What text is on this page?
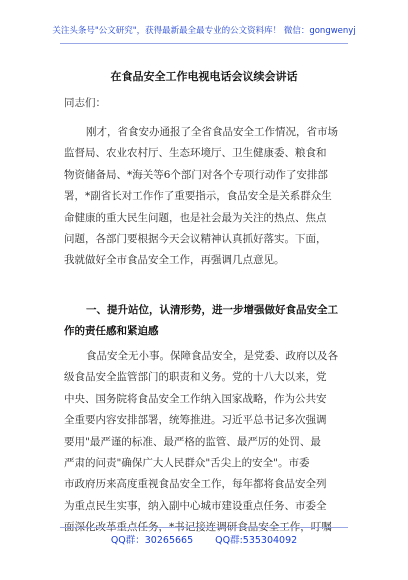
关注头条号"公文研究"，获得最新最全最专业的公文资料库！ 微信：gongwenyj
在食品安全工作电视电话会议续会讲话
同志们：
刚才，省食安办通报了全省食品安全工作情况，省市场
监督局、农业农村厅、生态环境厅、卫生健康委、粮食和
物资储备局、*海关等6个部门对各个专项行动作了安排部
署，*副省长对工作作了重要指示，食品安全是关系群众生
命健康的重大民生问题，也是社会最为关注的热点、焦点
问题，各部门要根据今天会议精神认真抓好落实。下面，
我就做好全市食品安全工作，再强调几点意见。
一、提升站位，认清形势，进一步增强做好食品安全工
作的责任感和紧迫感
食品安全无小事。保障食品安全，是党委、政府以及各
级食品安全监管部门的职责和义务。党的十八大以来，党
中央、国务院将食品安全工作纳入国家战略，作为公共安
全重要内容安排部署，统筹推进。习近平总书记多次强调
要用"最严谨的标准、最严格的监管、最严厉的处罚、最
严肃的问责"确保广大人民群众"舌尖上的安全"。市委
市政府历来高度重视食品安全工作，每年都将食品安全列
为重点民生实事，纳入副中心城市建设重点任务、市委全
面深化改革重点任务，*书记接连调研食品安全工作，叮嘱
QQ群：30265665 QQ群:535304092
